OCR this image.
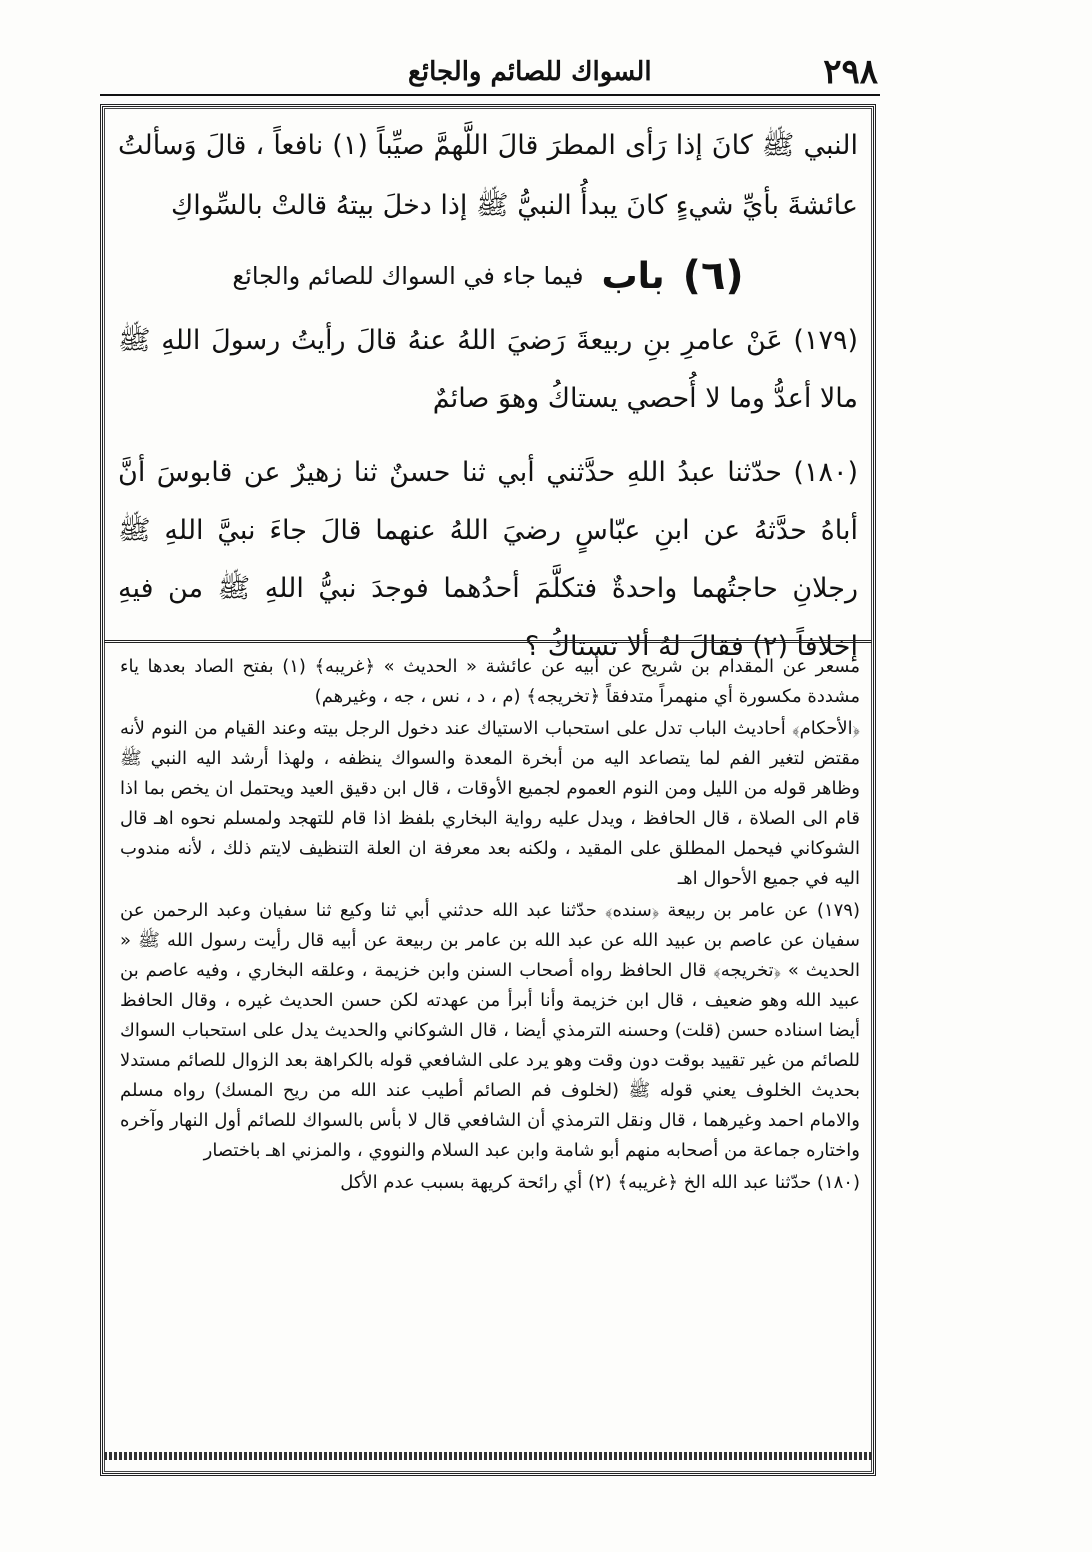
٢٩٨
السواك للصائم والجائع

النبي ﷺ كانَ إذا رَأى المطرَ قالَ اللَّهمَّ صيِّباً (١) نافعاً ، قالَ وَسألتُ عائشةَ بأيِّ شيءٍ كانَ يبدأُ النبيُّ ﷺ إذا دخلَ بيتهُ قالتْ بالسِّواكِ

(٦)
باب
فيما جاء في السواك للصائم والجائع
(١٧٩) عَنْ عامرِ بنِ ربيعةَ رَضيَ اللهُ عنهُ قالَ رأيتُ رسولَ اللهِ ﷺ مالا أعدُّ وما لا أُحصي يستاكُ وهوَ صائمٌ
(١٨٠) حدّثنا عبدُ اللهِ حدَّثني أبي ثنا حسنٌ ثنا زهيرٌ عن قابوسَ أنَّ أباهُ حدَّثهُ عن ابنِ عبّاسٍ رضيَ اللهُ عنهما قالَ جاءَ نبيَّ اللهِ ﷺ رجلانِ حاجتُهما واحدةٌ فتكلَّمَ أحدُهما فوجدَ نبيُّ اللهِ ﷺ من فيهِ إخلافاً (٢) فقالَ لهُ ألا تستاكُ ؟

مسعر عن المقدام بن شريح عن أبيه عن عائشة « الحديث » ﴿غريبه﴾ (١) بفتح الصاد بعدها ياء مشددة مكسورة أي منهمراً متدفقاً ﴿تخريجه﴾ (م ، د ، نس ، جه ، وغيرهم)

﴿الأحكام﴾ أحاديث الباب تدل على استحباب الاستياك عند دخول الرجل بيته وعند القيام من النوم لأنه مقتض لتغير الفم لما يتصاعد اليه من أبخرة المعدة والسواك ينظفه ، ولهذا أرشد اليه النبي ﷺ وظاهر قوله من الليل ومن النوم العموم لجميع الأوقات ، قال ابن دقيق العيد ويحتمل ان يخص بما اذا قام الى الصلاة ، قال الحافظ ، ويدل عليه رواية البخاري بلفظ اذا قام للتهجد ولمسلم نحوه اهـ قال الشوكاني فيحمل المطلق على المقيد ، ولكنه بعد معرفة ان العلة التنظيف لايتم ذلك ، لأنه مندوب اليه في جميع الأحوال اهـ

(١٧٩) عن عامر بن ربيعة ﴿سنده﴾ حدّثنا عبد الله حدثني أبي ثنا وكيع ثنا سفيان وعبد الرحمن عن سفيان عن عاصم بن عبيد الله عن عبد الله بن عامر بن ربيعة عن أبيه قال رأيت رسول الله ﷺ « الحديث » ﴿تخريجه﴾ قال الحافظ رواه أصحاب السنن وابن خزيمة ، وعلقه البخاري ، وفيه عاصم بن عبيد الله وهو ضعيف ، قال ابن خزيمة وأنا أبرأ من عهدته لكن حسن الحديث غيره ، وقال الحافظ أيضا اسناده حسن (قلت) وحسنه الترمذي أيضا ، قال الشوكاني والحديث يدل على استحباب السواك للصائم من غير تقييد بوقت دون وقت وهو يرد على الشافعي قوله بالكراهة بعد الزوال للصائم مستدلا بحديث الخلوف يعني قوله ﷺ (لخلوف فم الصائم أطيب عند الله من ريح المسك) رواه مسلم والامام احمد وغيرهما ، قال ونقل الترمذي أن الشافعي قال لا بأس بالسواك للصائم أول النهار وآخره واختاره جماعة من أصحابه منهم أبو شامة وابن عبد السلام والنووي ، والمزني اهـ باختصار

(١٨٠) حدّثنا عبد الله الخ ﴿غريبه﴾ (٢) أي رائحة كريهة بسبب عدم الأكل
